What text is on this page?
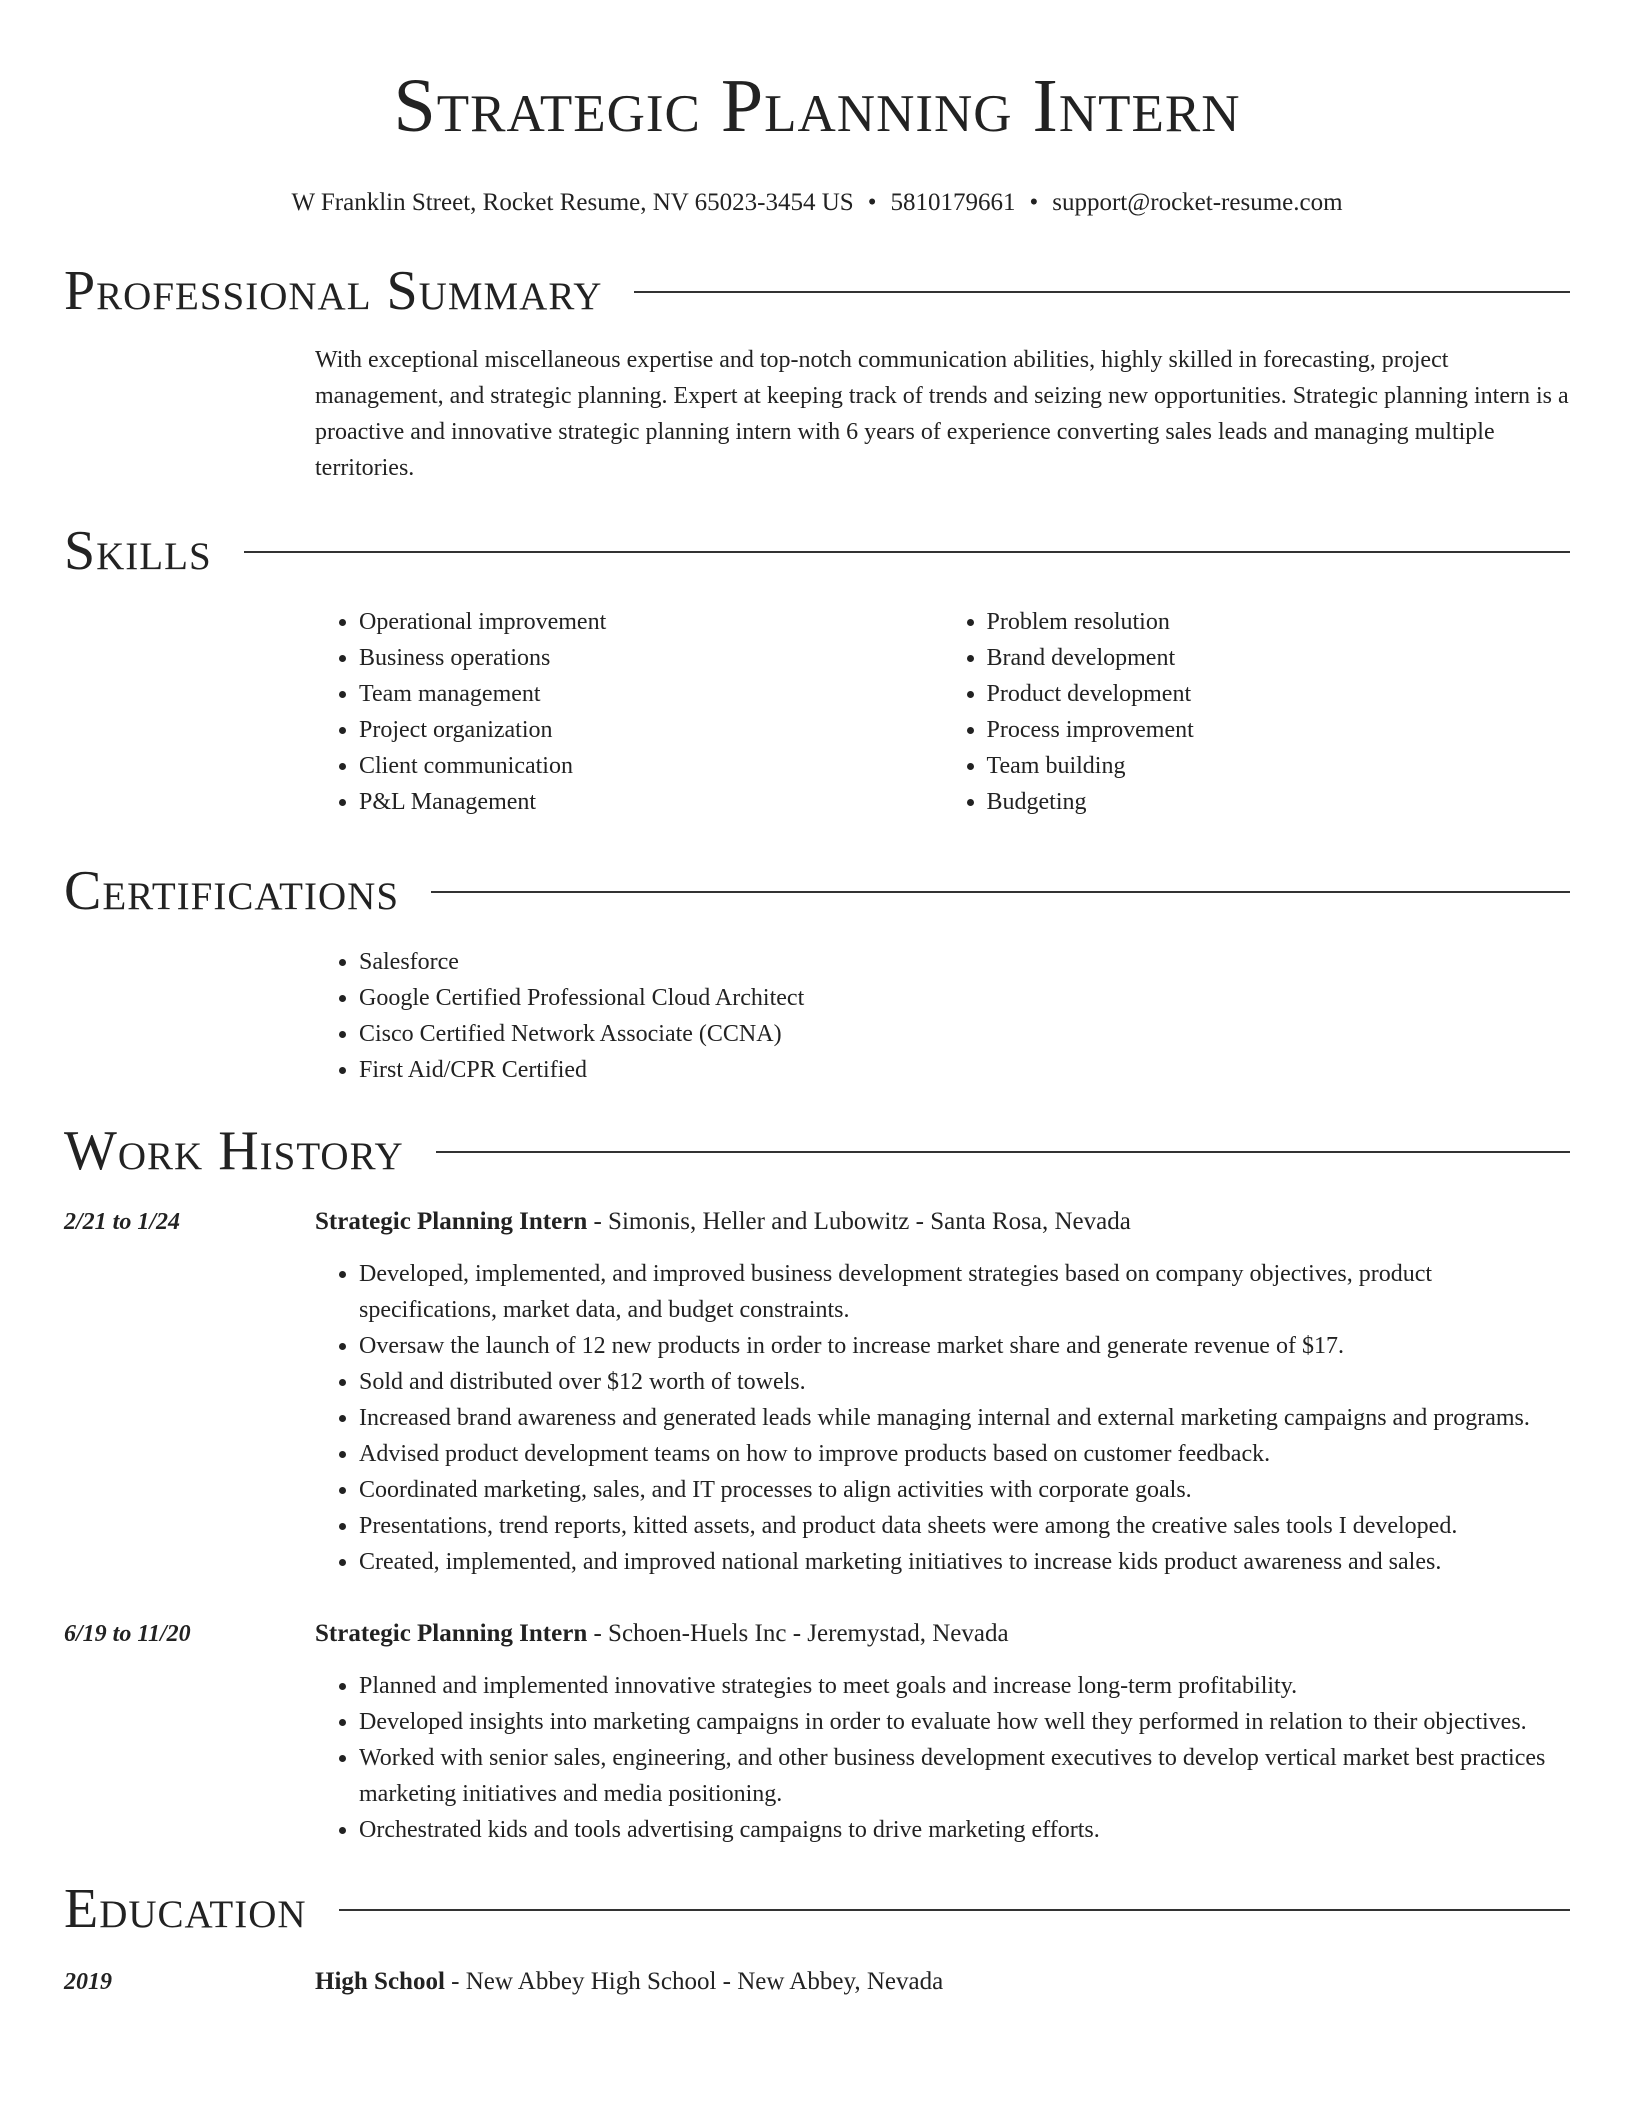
Strategic Planning Intern
W Franklin Street, Rocket Resume, NV 65023-3454 US • 5810179661 • support@rocket-resume.com
Professional Summary
With exceptional miscellaneous expertise and top-notch communication abilities, highly skilled in forecasting, project management, and strategic planning. Expert at keeping track of trends and seizing new opportunities. Strategic planning intern is a proactive and innovative strategic planning intern with 6 years of experience converting sales leads and managing multiple territories.
Skills
• Operational improvement
• Business operations
• Team management
• Project organization
• Client communication
• P&L Management
• Problem resolution
• Brand development
• Product development
• Process improvement
• Team building
• Budgeting
Certifications
• Salesforce
• Google Certified Professional Cloud Architect
• Cisco Certified Network Associate (CCNA)
• First Aid/CPR Certified
Work History
2/21 to 1/24	Strategic Planning Intern - Simonis, Heller and Lubowitz - Santa Rosa, Nevada
• Developed, implemented, and improved business development strategies based on company objectives, product specifications, market data, and budget constraints.
• Oversaw the launch of 12 new products in order to increase market share and generate revenue of $17.
• Sold and distributed over $12 worth of towels.
• Increased brand awareness and generated leads while managing internal and external marketing campaigns and programs.
• Advised product development teams on how to improve products based on customer feedback.
• Coordinated marketing, sales, and IT processes to align activities with corporate goals.
• Presentations, trend reports, kitted assets, and product data sheets were among the creative sales tools I developed.
• Created, implemented, and improved national marketing initiatives to increase kids product awareness and sales.
6/19 to 11/20	Strategic Planning Intern - Schoen-Huels Inc - Jeremystad, Nevada
• Planned and implemented innovative strategies to meet goals and increase long-term profitability.
• Developed insights into marketing campaigns in order to evaluate how well they performed in relation to their objectives.
• Worked with senior sales, engineering, and other business development executives to develop vertical market best practices marketing initiatives and media positioning.
• Orchestrated kids and tools advertising campaigns to drive marketing efforts.
Education
2019	High School - New Abbey High School - New Abbey, Nevada
